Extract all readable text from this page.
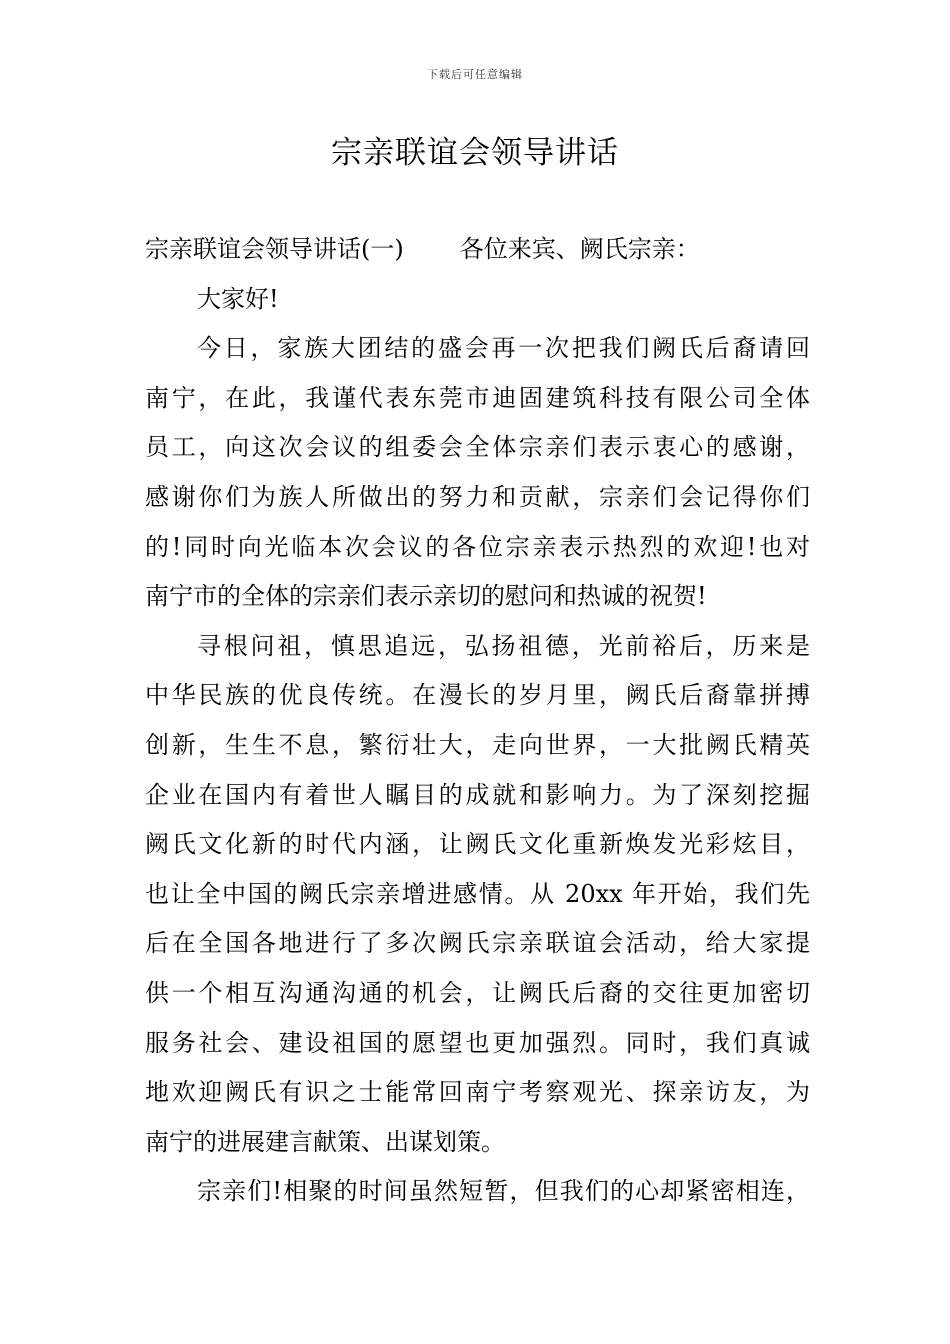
下载后可任意编辑
宗亲联谊会领导讲话

宗亲联谊会领导讲话(一) 各位来宾、阙氏宗亲：

大家好!

今日，家族大团结的盛会再一次把我们阙氏后裔请回
南宁，在此，我谨代表东莞市迪固建筑科技有限公司全体
员工，向这次会议的组委会全体宗亲们表示衷心的感谢，
感谢你们为族人所做出的努力和贡献，宗亲们会记得你们
的!同时向光临本次会议的各位宗亲表示热烈的欢迎!也对
南宁市的全体的宗亲们表示亲切的慰问和热诚的祝贺!

寻根问祖，慎思追远，弘扬祖德，光前裕后，历来是
中华民族的优良传统。在漫长的岁月里，阙氏后裔靠拼搏
创新，生生不息，繁衍壮大，走向世界，一大批阙氏精英
企业在国内有着世人瞩目的成就和影响力。为了深刻挖掘
阙氏文化新的时代内涵，让阙氏文化重新焕发光彩炫目，
也让全中国的阙氏宗亲增进感情。从 20xx 年开始，我们先
后在全国各地进行了多次阙氏宗亲联谊会活动，给大家提
供一个相互沟通沟通的机会，让阙氏后裔的交往更加密切
服务社会、建设祖国的愿望也更加强烈。同时，我们真诚
地欢迎阙氏有识之士能常回南宁考察观光、探亲访友，为
南宁的进展建言献策、出谋划策。

宗亲们!相聚的时间虽然短暂，但我们的心却紧密相连，
